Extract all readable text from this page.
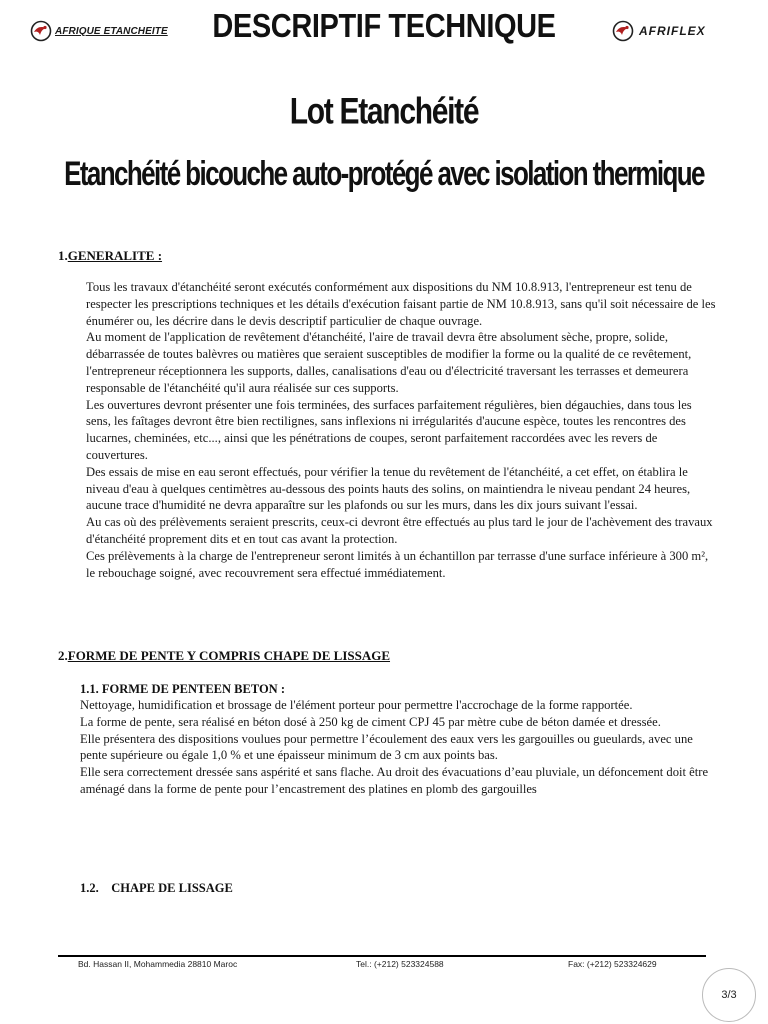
AFRIQUE ETANCHEITE	DESCRIPTIF TECHNIQUE	AFRIFLEX
Lot Etanchéité
Etanchéité bicouche auto-protégé avec isolation thermique
1.GENERALITE :
Tous les travaux d'étanchéité seront exécutés conformément aux dispositions du NM 10.8.913, l'entrepreneur est tenu de respecter les prescriptions techniques et les détails d'exécution faisant partie de NM 10.8.913, sans qu'il soit nécessaire de les énumérer ou, les décrire dans le devis descriptif particulier de chaque ouvrage.
Au moment de l'application de revêtement d'étanchéité, l'aire de travail devra être absolument sèche, propre, solide, débarrassée de toutes balèvres ou matières que seraient susceptibles de modifier la forme ou la qualité de ce revêtement, l'entrepreneur réceptionnera les supports, dalles, canalisations d'eau ou d'électricité traversant les terrasses et demeurera responsable de l'étanchéité qu'il aura réalisée sur ces supports.
Les ouvertures devront présenter une fois terminées, des surfaces parfaitement régulières, bien dégauchies, dans tous les sens, les faîtages devront être bien rectilignes, sans inflexions ni irrégularités d'aucune espèce, toutes les rencontres des lucarnes, cheminées, etc..., ainsi que les pénétrations de coupes, seront parfaitement raccordées avec les revers de couvertures.
Des essais de mise en eau seront effectués, pour vérifier la tenue du revêtement de l'étanchéité, a cet effet, on établira le niveau d'eau à quelques centimètres au-dessous des points hauts des solins, on maintiendra le niveau pendant 24 heures, aucune trace d'humidité ne devra apparaître sur les plafonds ou sur les murs, dans les dix jours suivant l'essai.
Au cas où des prélèvements seraient prescrits, ceux-ci devront être effectués au plus tard le jour de l'achèvement des travaux d'étanchéité proprement dits et en tout cas avant la protection.
Ces prélèvements à la charge de l'entrepreneur seront limités à un échantillon par terrasse d'une surface inférieure à 300 m², le rebouchage soigné, avec recouvrement sera effectué immédiatement.
2.FORME DE PENTE Y COMPRIS CHAPE DE LISSAGE
1.1. FORME DE PENTEEN BETON :
Nettoyage, humidification et brossage de l'élément porteur pour permettre l'accrochage de la forme rapportée.
La forme de pente, sera réalisé en béton dosé à 250 kg de ciment CPJ 45 par mètre cube de béton damée et dressée.
Elle présentera des dispositions voulues pour permettre l’écoulement des eaux vers les gargouilles ou gueulards, avec une pente supérieure ou égale 1,0 % et une épaisseur minimum de 3 cm aux points bas.
Elle sera correctement dressée sans aspérité et sans flache. Au droit des évacuations d’eau pluviale, un défoncement doit être aménagé dans la forme de pente pour l’encastrement des platines en plomb des gargouilles
1.2.    CHAPE DE LISSAGE
Bd. Hassan II, Mohammedia 28810 Maroc	Tel.: (+212) 523324588	Fax: (+212) 523324629
3/3
